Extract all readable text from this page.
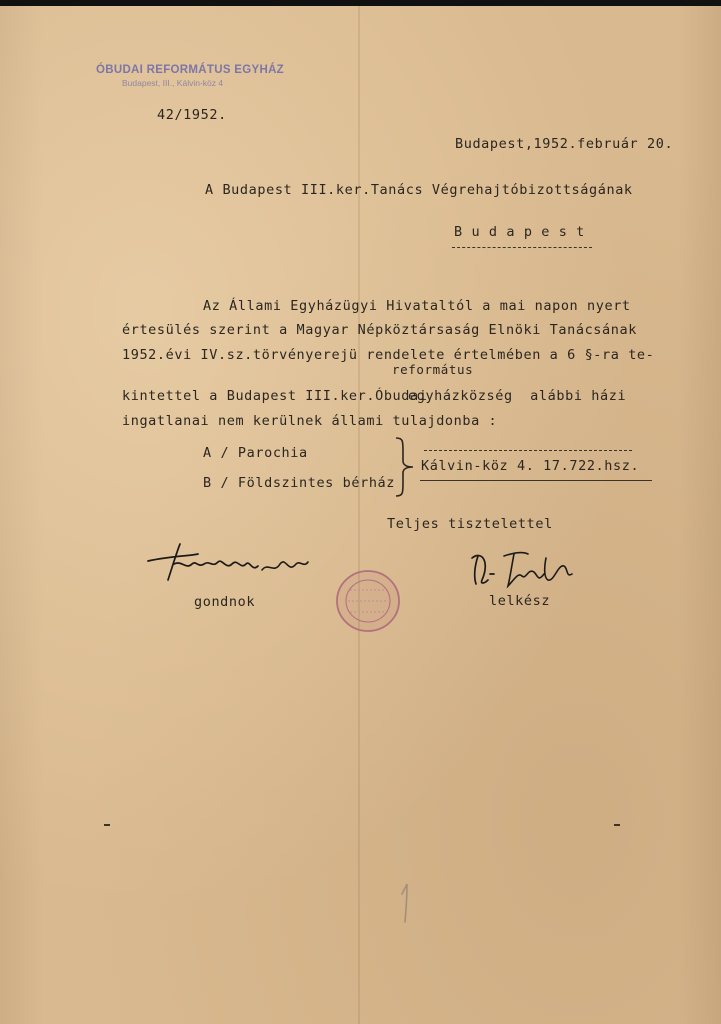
ÓBUDAI REFORMÁTUS EGYHÁZ
Budapest, III., Kálvin-köz 4
42/1952.
Budapest,1952.február 20.
A Budapest III.ker.Tanács Végrehajtóbizottságának
B u d a p e s t
Az Állami Egyházügyi Hivataltól a mai napon nyert
értesülés szerint a Magyar Népköztársaság Elnöki Tanácsának
1952.évi IV.sz.törvényerejü rendelete értelmében a 6 §-ra te-
református
kintettel a Budapest III.ker.Óbudai
egyházközség  alábbi házi
ingatlanai nem kerülnek állami tulajdonba :
A / Parochia
B / Földszintes bérház
Kálvin-köz 4. 17.722.hsz.
Teljes tisztelettel
gondnok	lelkész
